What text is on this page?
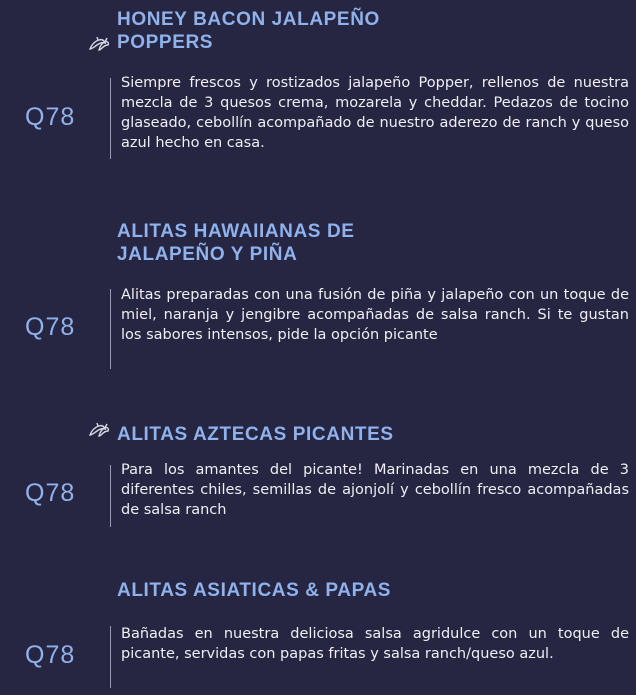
HONEY BACON JALAPEÑO
POPPERS
Q78

Siempre frescos y rostizados jalapeño Popper, rellenos de nuestra mezcla de 3 quesos crema, mozarela y cheddar. Pedazos de tocino glaseado, cebollín acompañado de nuestro aderezo de ranch y queso azul hecho en casa.

ALITAS HAWAIIANAS DE
JALAPEÑO Y PIÑA
Q78

Alitas preparadas con una fusión de piña y jalapeño con un toque de miel, naranja y jengibre acompañadas de salsa ranch. Si te gustan los sabores intensos, pide la opción picante

ALITAS AZTECAS PICANTES
Q78

Para los amantes del picante! Marinadas en una mezcla de 3 diferentes chiles, semillas de ajonjolí y cebollín fresco acompañadas de salsa ranch

ALITAS ASIATICAS & PAPAS
Q78

Bañadas en nuestra deliciosa salsa agridulce con un toque de picante, servidas con papas fritas y salsa ranch/queso azul.
